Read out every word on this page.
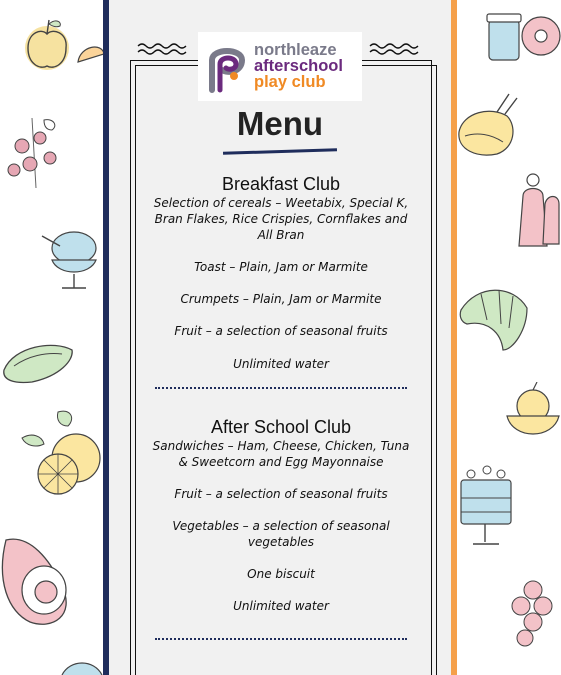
northleaze
afterschool
play club
Menu
Breakfast Club
Selection of cereals – Weetabix, Special K, Bran Flakes, Rice Crispies, Cornflakes and All Bran
Toast – Plain, Jam or Marmite
Crumpets – Plain, Jam or Marmite
Fruit – a selection of seasonal fruits
Unlimited water
After School Club
Sandwiches – Ham, Cheese, Chicken, Tuna & Sweetcorn and Egg Mayonnaise
Fruit – a selection of seasonal fruits
Vegetables – a selection of seasonal vegetables
One biscuit
Unlimited water
